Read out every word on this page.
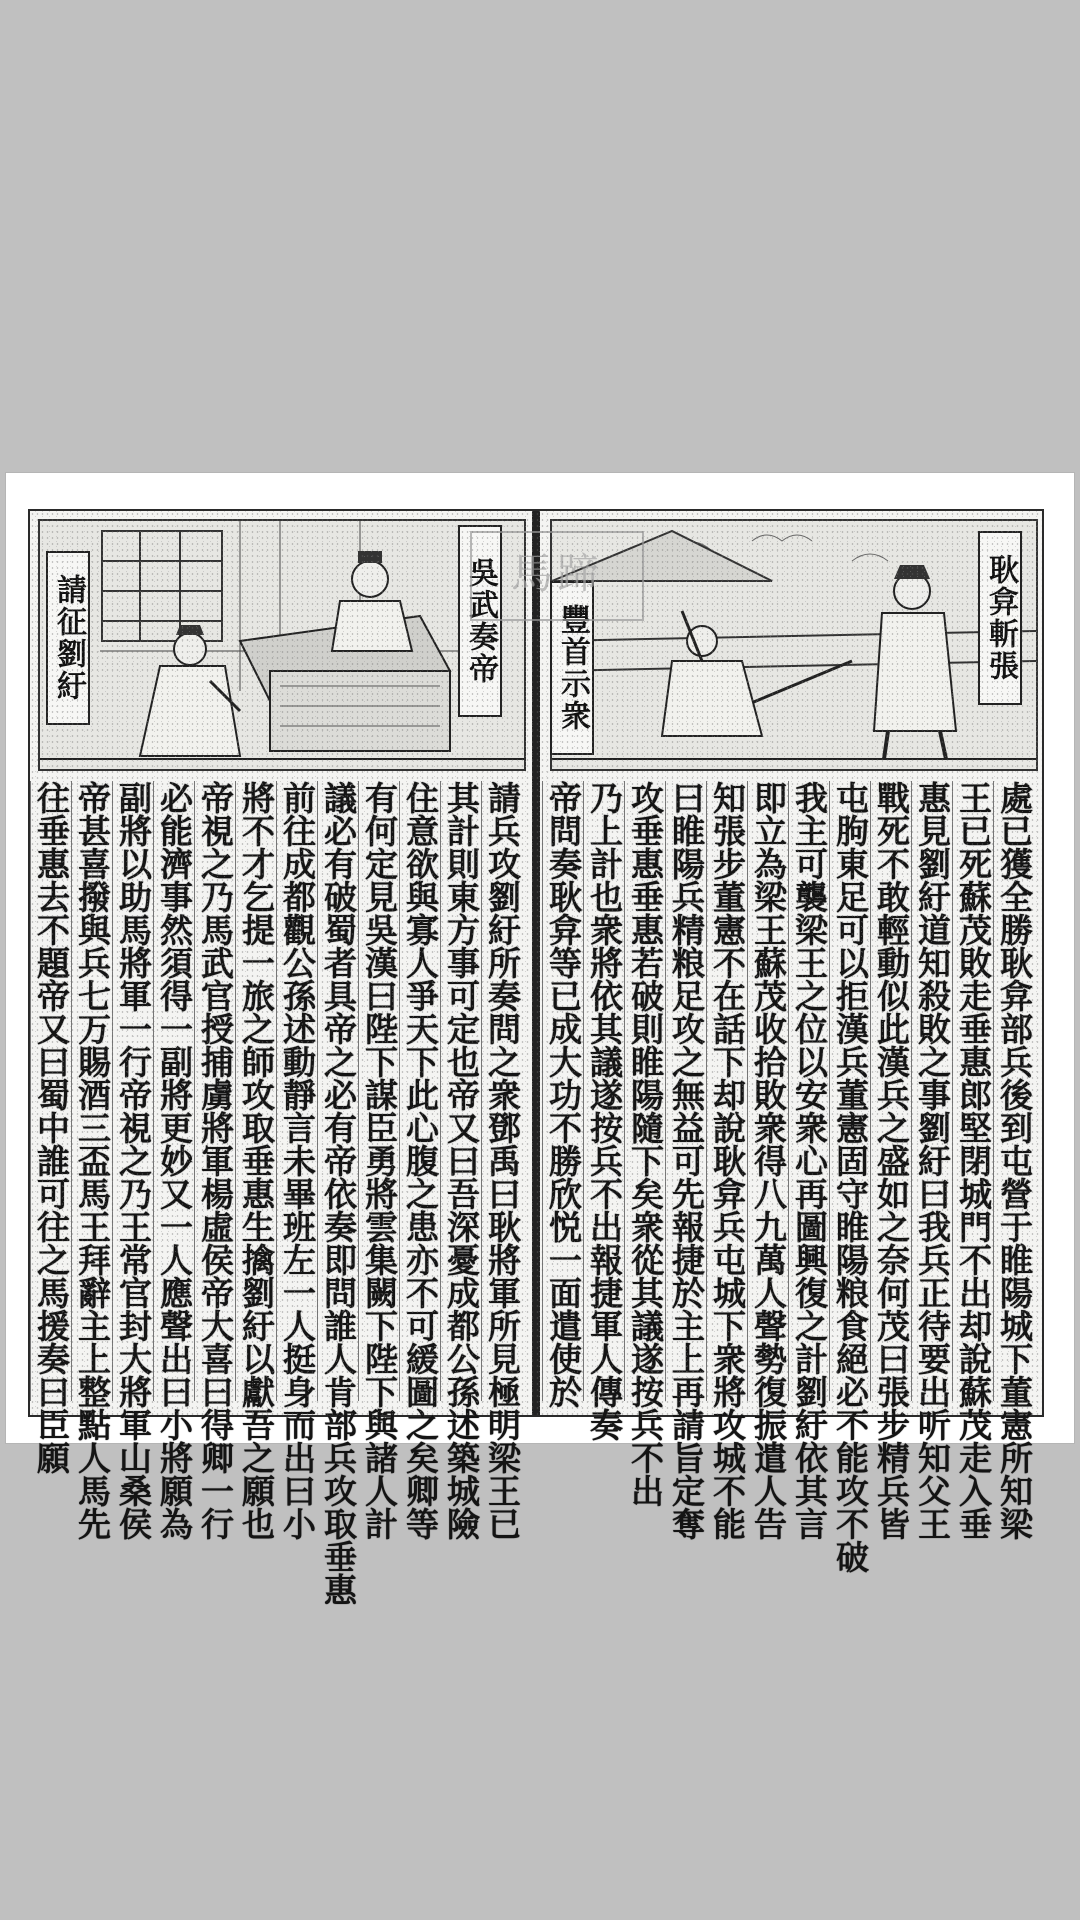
請征劉紆	吳武奏帝
請兵攻劉紆所奏問之衆鄧禹曰耿將軍所見極明梁王已
其計則東方事可定也帝又曰吾深憂成都公孫述築城險
住意欲與寡人爭天下此心腹之患亦不可緩圖之矣卿等
有何定見吳漢曰陛下謀臣勇將雲集闕下陛下與諸人計
議必有破蜀者具帝之必有帝依奏即問誰人肯部兵攻取垂惠
前往成都觀公孫述動靜言未畢班左一人挺身而出曰小
將不才乞提一旅之師攻取垂惠生擒劉紆以獻吾之願也
帝視之乃馬武官授捕虜將軍楊虛侯帝大喜曰得卿一行
必能濟事然須得一副將更妙又一人應聲出曰小將願為
副將以助馬將軍一行帝視之乃王常官封大將軍山桑侯
帝甚喜撥與兵七万賜酒三盃馬王拜辭主上整點人馬先
往垂惠去不題帝又曰蜀中誰可往之馬援奏曰臣願
耿弇斬張
豐首示衆
處已獲全勝耿弇部兵後到屯營于睢陽城下董憲所知梁
王已死蘇茂敗走垂惠郎堅閉城門不出却說蘇茂走入垂
惠見劉紆道知殺敗之事劉紆曰我兵正待要出听知父王
戰死不敢輕動似此漢兵之盛如之奈何茂曰張步精兵皆
屯朐東足可以拒漢兵董憲固守睢陽粮食絕必不能攻不破
我主可襲梁王之位以安衆心再圖興復之計劉紆依其言
即立為梁王蘇茂收拾敗衆得八九萬人聲勢復振遣人告
知張步董憲不在話下却說耿弇兵屯城下衆將攻城不能
曰睢陽兵精粮足攻之無益可先報捷於主上再請旨定奪
攻垂惠垂惠若破則睢陽隨下矣衆從其議遂按兵不出
乃上計也衆將依其議遂按兵不出報捷軍人傳奏
帝問奏耿弇等已成大功不勝欣悦一面遣使於
馬蹄
